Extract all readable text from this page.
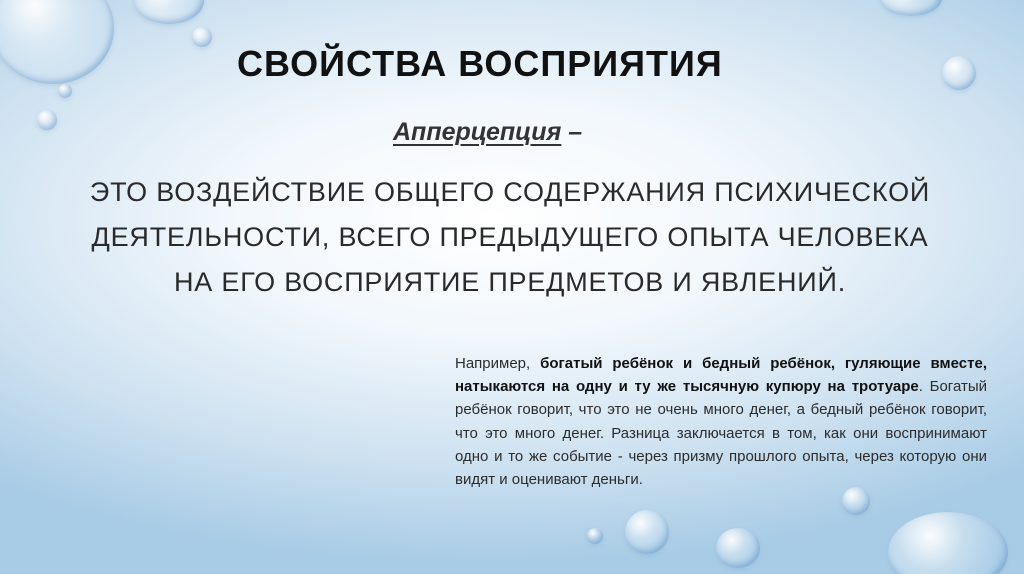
СВОЙСТВА ВОСПРИЯТИЯ
Апперцепция –
ЭТО ВОЗДЕЙСТВИЕ ОБЩЕГО СОДЕРЖАНИЯ ПСИХИЧЕСКОЙ ДЕЯТЕЛЬНОСТИ, ВСЕГО ПРЕДЫДУЩЕГО ОПЫТА ЧЕЛОВЕКА НА ЕГО ВОСПРИЯТИЕ ПРЕДМЕТОВ И ЯВЛЕНИЙ.

Например, богатый ребёнок и бедный ребёнок, гуляющие вместе, натыкаются на одну и ту же тысячную купюру на тротуаре. Богатый ребёнок говорит, что это не очень много денег, а бедный ребёнок говорит, что это много денег. Разница заключается в том, как они воспринимают одно и то же событие - через призму прошлого опыта, через которую они видят и оценивают деньги.
